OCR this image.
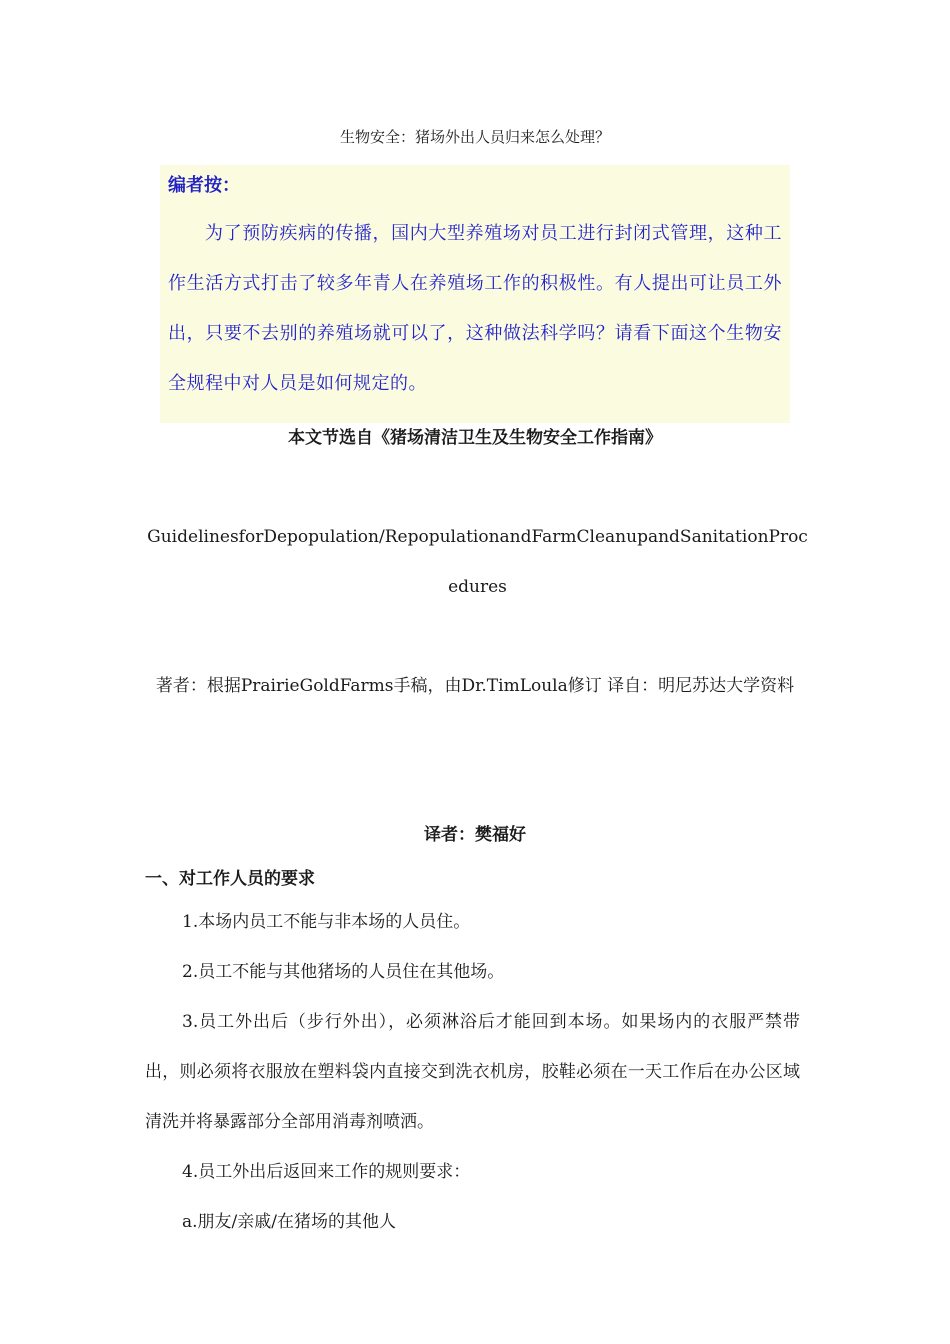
生物安全：猪场外出人员归来怎么处理？
编者按：
为了预防疾病的传播，国内大型养殖场对员工进行封闭式管理，这种工作生活方式打击了较多年青人在养殖场工作的积极性。有人提出可让员工外出，只要不去别的养殖场就可以了，这种做法科学吗？请看下面这个生物安全规程中对人员是如何规定的。
本文节选自《猪场清洁卫生及生物安全工作指南》
GuidelinesforDepopulation/RepopulationandFarmCleanupandSanitationProcedures
著者：根据PrairieGoldFarms手稿，由Dr.TimLoula修订 译自：明尼苏达大学资料
译者：樊福好
一、对工作人员的要求
1.本场内员工不能与非本场的人员住。
2.员工不能与其他猪场的人员住在其他场。
3.员工外出后（步行外出），必须淋浴后才能回到本场。如果场内的衣服严禁带出，则必须将衣服放在塑料袋内直接交到洗衣机房，胶鞋必须在一天工作后在办公区域清洗并将暴露部分全部用消毒剂喷洒。
4.员工外出后返回来工作的规则要求：
a.朋友/亲戚/在猪场的其他人
